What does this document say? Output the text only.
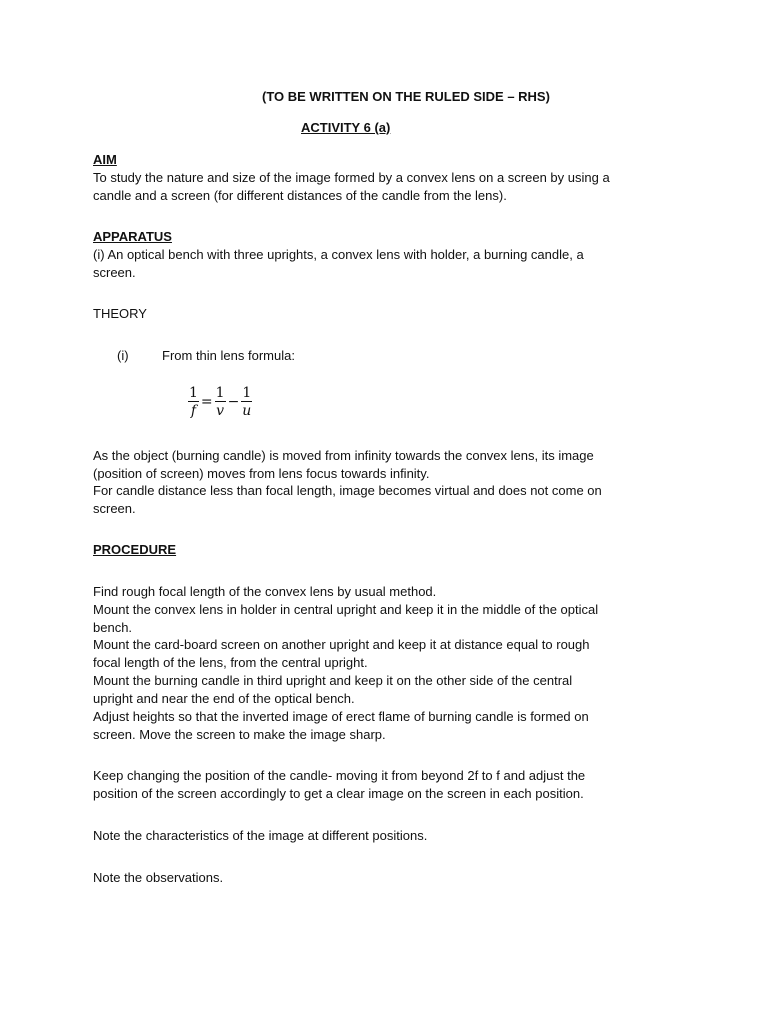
(TO BE WRITTEN ON THE RULED SIDE – RHS)
ACTIVITY 6 (a)
AIM
To study the nature and size of the image formed by a convex lens on a screen by using a
candle and a screen (for different distances of the candle from the lens).
APPARATUS
(i) An optical bench with three uprights, a convex lens with holder, a burning candle, a
screen.
THEORY
(i)	From thin lens formula:
$\frac{1}{f} = \frac{1}{v} - \frac{1}{u}$
As the object (burning candle) is moved from infinity towards the convex lens, its image
(position of screen) moves from lens focus towards infinity.
For candle distance less than focal length, image becomes virtual and does not come on
screen.
PROCEDURE
Find rough focal length of the convex lens by usual method.
Mount the convex lens in holder in central upright and keep it in the middle of the optical
bench.
Mount the card-board screen on another upright and keep it at distance equal to rough
focal length of the lens, from the central upright.
Mount the burning candle in third upright and keep it on the other side of the central
upright and near the end of the optical bench.
Adjust heights so that the inverted image of erect flame of burning candle is formed on
screen. Move the screen to make the image sharp.
Keep changing the position of the candle- moving it from beyond 2f to f and adjust the
position of the screen accordingly to get a clear image on the screen in each position.
Note the characteristics of the image at different positions.
Note the observations.
